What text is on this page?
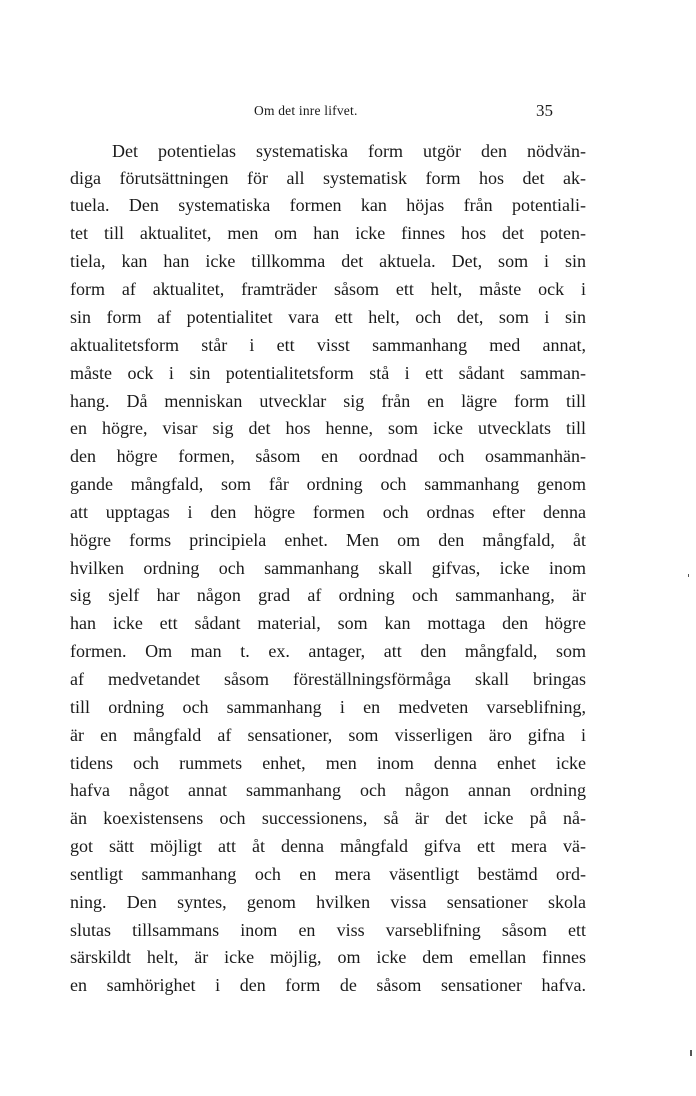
Om det inre lifvet.	35
Det potentielas systematiska form utgör den nödvän-
diga förutsättningen för all systematisk form hos det ak-
tuela. Den systematiska formen kan höjas från potentiali-
tet till aktualitet, men om han icke finnes hos det poten-
tiela, kan han icke tillkomma det aktuela. Det, som i sin
form af aktualitet, framträder såsom ett helt, måste ock i
sin form af potentialitet vara ett helt, och det, som i sin
aktualitetsform står i ett visst sammanhang med annat,
måste ock i sin potentialitetsform stå i ett sådant samman-
hang. Då menniskan utvecklar sig från en lägre form till
en högre, visar sig det hos henne, som icke utvecklats till
den högre formen, såsom en oordnad och osammanhän-
gande mångfald, som får ordning och sammanhang genom
att upptagas i den högre formen och ordnas efter denna
högre forms principiela enhet. Men om den mångfald, åt
hvilken ordning och sammanhang skall gifvas, icke inom
sig sjelf har någon grad af ordning och sammanhang, är
han icke ett sådant material, som kan mottaga den högre
formen. Om man t. ex. antager, att den mångfald, som
af medvetandet såsom föreställningsförmåga skall bringas
till ordning och sammanhang i en medveten varseblifning,
är en mångfald af sensationer, som visserligen äro gifna i
tidens och rummets enhet, men inom denna enhet icke
hafva något annat sammanhang och någon annan ordning
än koexistensens och successionens, så är det icke på nå-
got sätt möjligt att åt denna mångfald gifva ett mera vä-
sentligt sammanhang och en mera väsentligt bestämd ord-
ning. Den syntes, genom hvilken vissa sensationer skola
slutas tillsammans inom en viss varseblifning såsom ett
särskildt helt, är icke möjlig, om icke dem emellan finnes
en samhörighet i den form de såsom sensationer hafva.
